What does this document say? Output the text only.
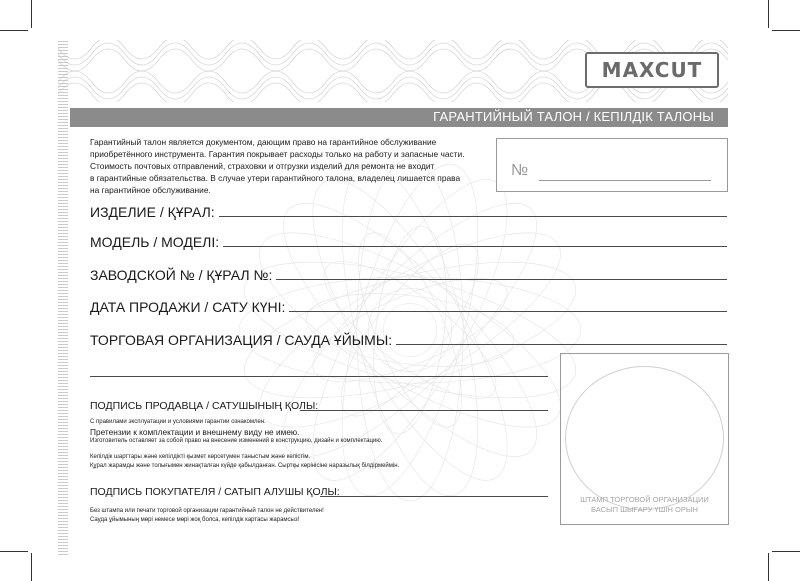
MAXCUT
ГАРАНТИЙНЫЙ ТАЛОН / КЕПІЛДІК ТАЛОНЫ
Гарантийный талон является документом, дающим право на гарантийное обслуживание
приобретённого инструмента. Гарантия покрывает расходы только на работу и запасные части.
Стоимость почтовых отправлений, страховки и отгрузки изделий для ремонта не входит
в гарантийные обязательства. В случае утери гарантийного талона, владелец лишается права
на гарантийное обслуживание.
№
ИЗДЕЛИЕ / ҚҰРАЛ:
МОДЕЛЬ / МОДЕЛІ:
ЗАВОДСКОЙ № / ҚҰРАЛ №:
ДАТА ПРОДАЖИ / САТУ КҮНІ:
ТОРГОВАЯ ОРГАНИЗАЦИЯ / САУДА ҰЙЫМЫ:
ПОДПИСЬ ПРОДАВЦА / САТУШЫНЫҢ ҚОЛЫ:
С правилами эксплуатации и условиями гарантии ознакомлен.
Претензии к комплектации и внешнему виду не имею.
Изготовитель оставляет за собой право на внесение изменений в конструкцию, дизайн и комплектацию.
Кепілдік шарттары және кепілдікті қызмет көрсетумен таныстым және келістім.
Құрал жарамды және толығымен жинақталған күйде қабылданған. Сыртқы көрінісіне наразылық білдірмеймін.
ПОДПИСЬ ПОКУПАТЕЛЯ / САТЫП АЛУШЫ ҚОЛЫ:
Без штампа или печати торговой организации гарантийный талон не действителен!
Сауда ұйымының мөрі немесе мөрі жоқ болса, кепілдік картасы жарамсыз!
ШТАМП ТОРГОВОЙ ОРГАНИЗАЦИИ
БАСЫП ШЫҒАРУ ҮШІН ОРЫН
